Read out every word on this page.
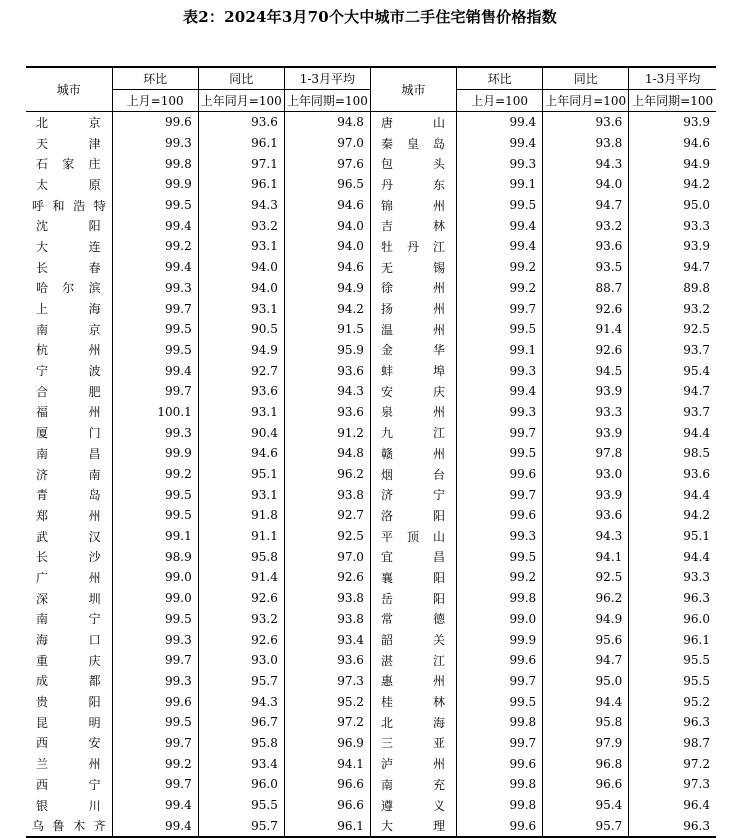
表2：2024年3月70个大中城市二手住宅销售价格指数
城市	环比	同比	1-3月平均	城市	环比	同比	1-3月平均
	上月=100	上年同月=100	上年同期=100		上月=100	上年同月=100	上年同期=100
北京	99.6	93.6	94.8	唐山	99.4	93.6	93.9
天津	99.3	96.1	97.0	秦皇岛	99.4	93.8	94.6
石家庄	99.8	97.1	97.6	包头	99.3	94.3	94.9
太原	99.9	96.1	96.5	丹东	99.1	94.0	94.2
呼和浩特	99.5	94.3	94.6	锦州	99.5	94.7	95.0
沈阳	99.4	93.2	94.0	吉林	99.4	93.2	93.3
大连	99.2	93.1	94.0	牡丹江	99.4	93.6	93.9
长春	99.4	94.0	94.6	无锡	99.2	93.5	94.7
哈尔滨	99.3	94.0	94.9	徐州	99.2	88.7	89.8
上海	99.7	93.1	94.2	扬州	99.7	92.6	93.2
南京	99.5	90.5	91.5	温州	99.5	91.4	92.5
杭州	99.5	94.9	95.9	金华	99.1	92.6	93.7
宁波	99.4	92.7	93.6	蚌埠	99.3	94.5	95.4
合肥	99.7	93.6	94.3	安庆	99.4	93.9	94.7
福州	100.1	93.1	93.6	泉州	99.3	93.3	93.7
厦门	99.3	90.4	91.2	九江	99.7	93.9	94.4
南昌	99.9	94.6	94.8	赣州	99.5	97.8	98.5
济南	99.2	95.1	96.2	烟台	99.6	93.0	93.6
青岛	99.5	93.1	93.8	济宁	99.7	93.9	94.4
郑州	99.5	91.8	92.7	洛阳	99.6	93.6	94.2
武汉	99.1	91.1	92.5	平顶山	99.3	94.3	95.1
长沙	98.9	95.8	97.0	宜昌	99.5	94.1	94.4
广州	99.0	91.4	92.6	襄阳	99.2	92.5	93.3
深圳	99.0	92.6	93.8	岳阳	99.8	96.2	96.3
南宁	99.5	93.2	93.8	常德	99.0	94.9	96.0
海口	99.3	92.6	93.4	韶关	99.9	95.6	96.1
重庆	99.7	93.0	93.6	湛江	99.6	94.7	95.5
成都	99.3	95.7	97.3	惠州	99.7	95.0	95.5
贵阳	99.6	94.3	95.2	桂林	99.5	94.4	95.2
昆明	99.5	96.7	97.2	北海	99.8	95.8	96.3
西安	99.7	95.8	96.9	三亚	99.7	97.9	98.7
兰州	99.2	93.4	94.1	泸州	99.6	96.8	97.2
西宁	99.7	96.0	96.6	南充	99.8	96.6	97.3
银川	99.4	95.5	96.6	遵义	99.8	95.4	96.4
乌鲁木齐	99.4	95.7	96.1	大理	99.6	95.7	96.3
